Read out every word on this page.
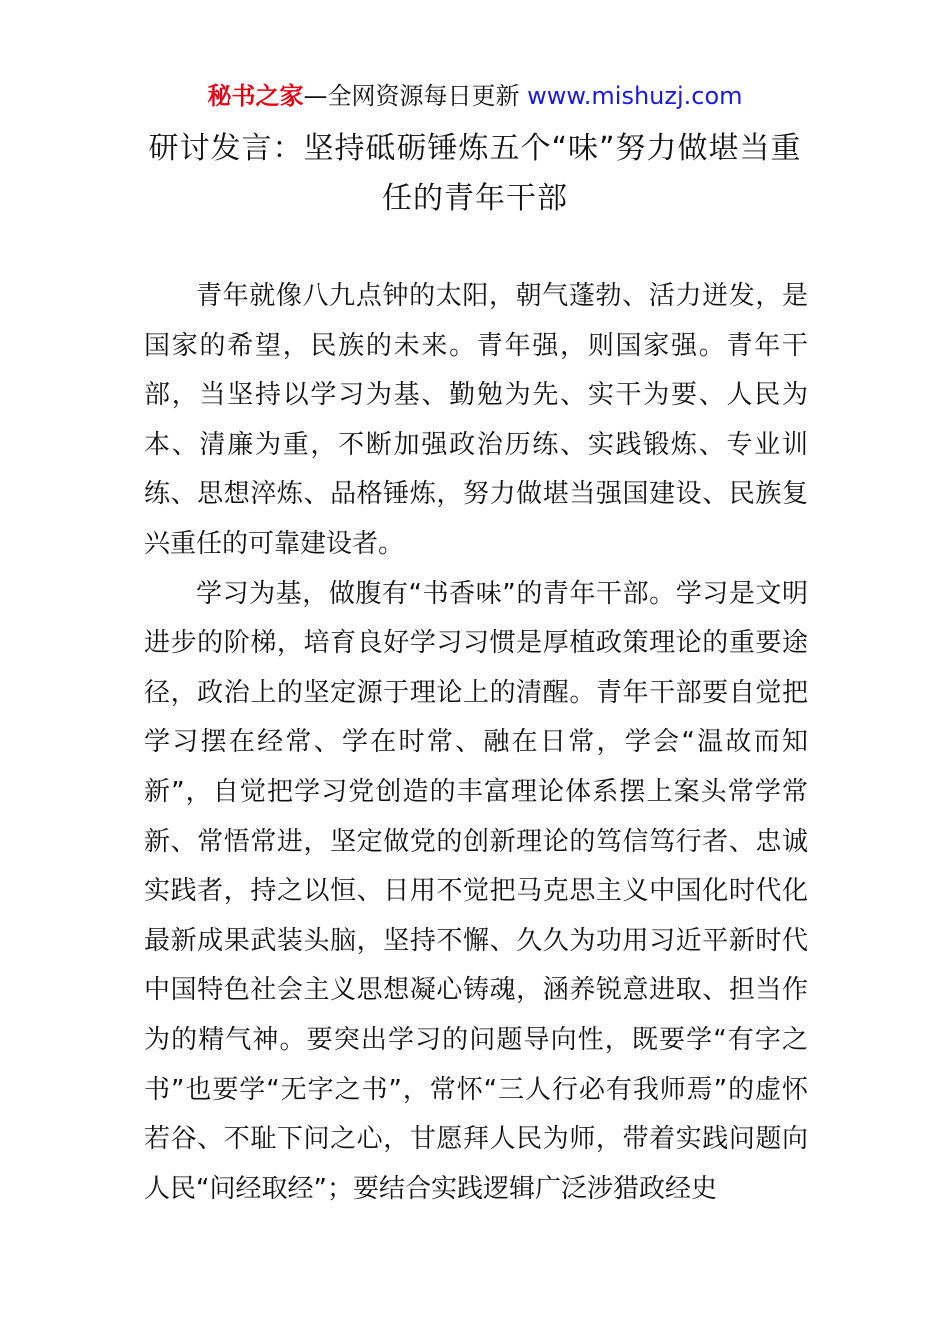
秘书之家—全网资源每日更新 www.mishuzj.com
研讨发言：坚持砥砺锤炼五个“味”努力做堪当重任的青年干部

青年就像八九点钟的太阳，朝气蓬勃、活力迸发，是国家的希望，民族的未来。青年强，则国家强。青年干部，当坚持以学习为基、勤勉为先、实干为要、人民为本、清廉为重，不断加强政治历练、实践锻炼、专业训练、思想淬炼、品格锤炼，努力做堪当强国建设、民族复兴重任的可靠建设者。

学习为基，做腹有“书香味”的青年干部。学习是文明进步的阶梯，培育良好学习习惯是厚植政策理论的重要途径，政治上的坚定源于理论上的清醒。青年干部要自觉把学习摆在经常、学在时常、融在日常，学会“温故而知新”，自觉把学习党创造的丰富理论体系摆上案头常学常新、常悟常进，坚定做党的创新理论的笃信笃行者、忠诚实践者，持之以恒、日用不觉把马克思主义中国化时代化最新成果武装头脑，坚持不懈、久久为功用习近平新时代中国特色社会主义思想凝心铸魂，涵养锐意进取、担当作为的精气神。要突出学习的问题导向性，既要学“有字之书”也要学“无字之书”，常怀“三人行必有我师焉”的虚怀若谷、不耻下问之心，甘愿拜人民为师，带着实践问题向人民“问经取经”；要结合实践逻辑广泛涉猎政经史
